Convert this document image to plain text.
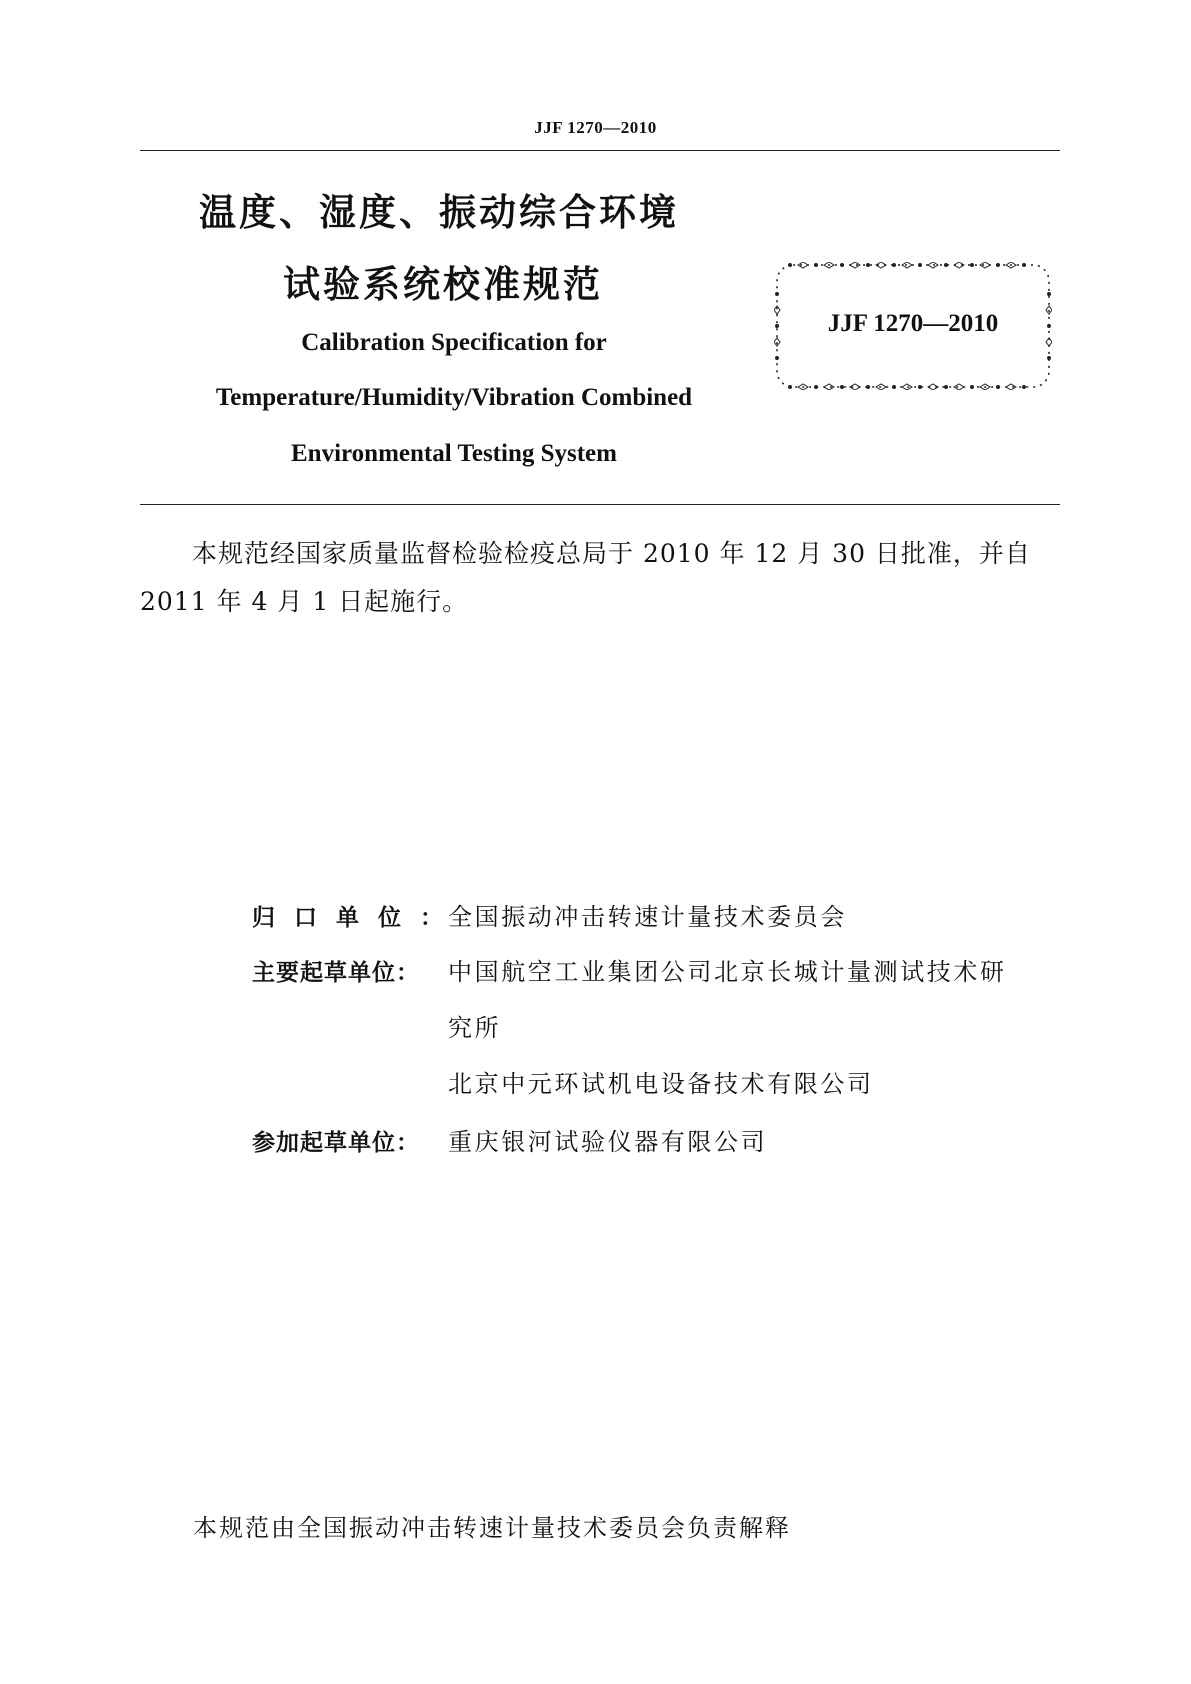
JJF 1270—2010
温度、湿度、振动综合环境
试验系统校准规范
Calibration Specification for
Temperature/Humidity/Vibration Combined
Environmental Testing System
JJF 1270—2010
本规范经国家质量监督检验检疫总局于 2010 年 12 月 30 日批准，并自 2011 年 4 月 1 日起施行。
归口单位：
全国振动冲击转速计量技术委员会
主要起草单位： 中国航空工业集团公司北京长城计量测试技术研
究所
北京中元环试机电设备技术有限公司
参加起草单位： 重庆银河试验仪器有限公司
本规范由全国振动冲击转速计量技术委员会负责解释
